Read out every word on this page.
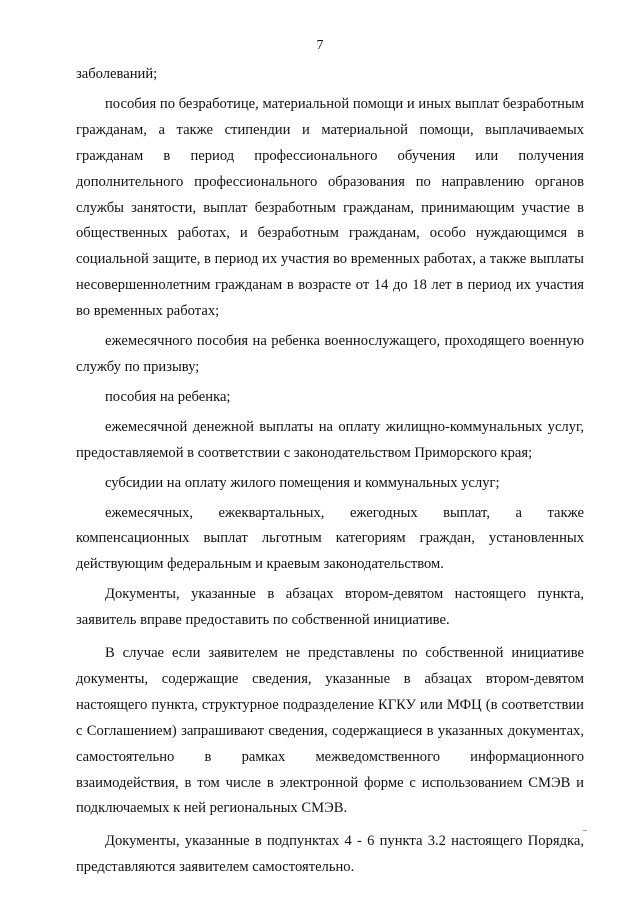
7

заболеваний;

пособия по безработице, материальной помощи и иных выплат безработным гражданам, а также стипендии и материальной помощи, выплачиваемых гражданам в период профессионального обучения или получения дополнительного профессионального образования по направлению органов службы занятости, выплат безработным гражданам, принимающим участие в общественных работах, и безработным гражданам, особо нуждающимся в социальной защите, в период их участия во временных работах, а также выплаты несовершеннолетним гражданам в возрасте от 14 до 18 лет в период их участия во временных работах;

ежемесячного пособия на ребенка военнослужащего, проходящего военную службу по призыву;

пособия на ребенка;

ежемесячной денежной выплаты на оплату жилищно-коммунальных услуг, предоставляемой в соответствии с законодательством Приморского края;

субсидии на оплату жилого помещения и коммунальных услуг;

ежемесячных, ежеквартальных, ежегодных выплат, а также компенсационных выплат льготным категориям граждан, установленных действующим федеральным и краевым законодательством.

Документы, указанные в абзацах втором-девятом настоящего пункта, заявитель вправе предоставить по собственной инициативе.

В случае если заявителем не представлены по собственной инициативе документы, содержащие сведения, указанные в абзацах втором-девятом настоящего пункта, структурное подразделение КГКУ или МФЦ (в соответствии с Соглашением) запрашивают сведения, содержащиеся в указанных документах, самостоятельно в рамках межведомственного информационного взаимодействия, в том числе в электронной форме с использованием СМЭВ и подключаемых к ней региональных СМЭВ.

Документы, указанные в подпунктах 4 - 6 пункта 3.2 настоящего Порядка, представляются заявителем самостоятельно.
